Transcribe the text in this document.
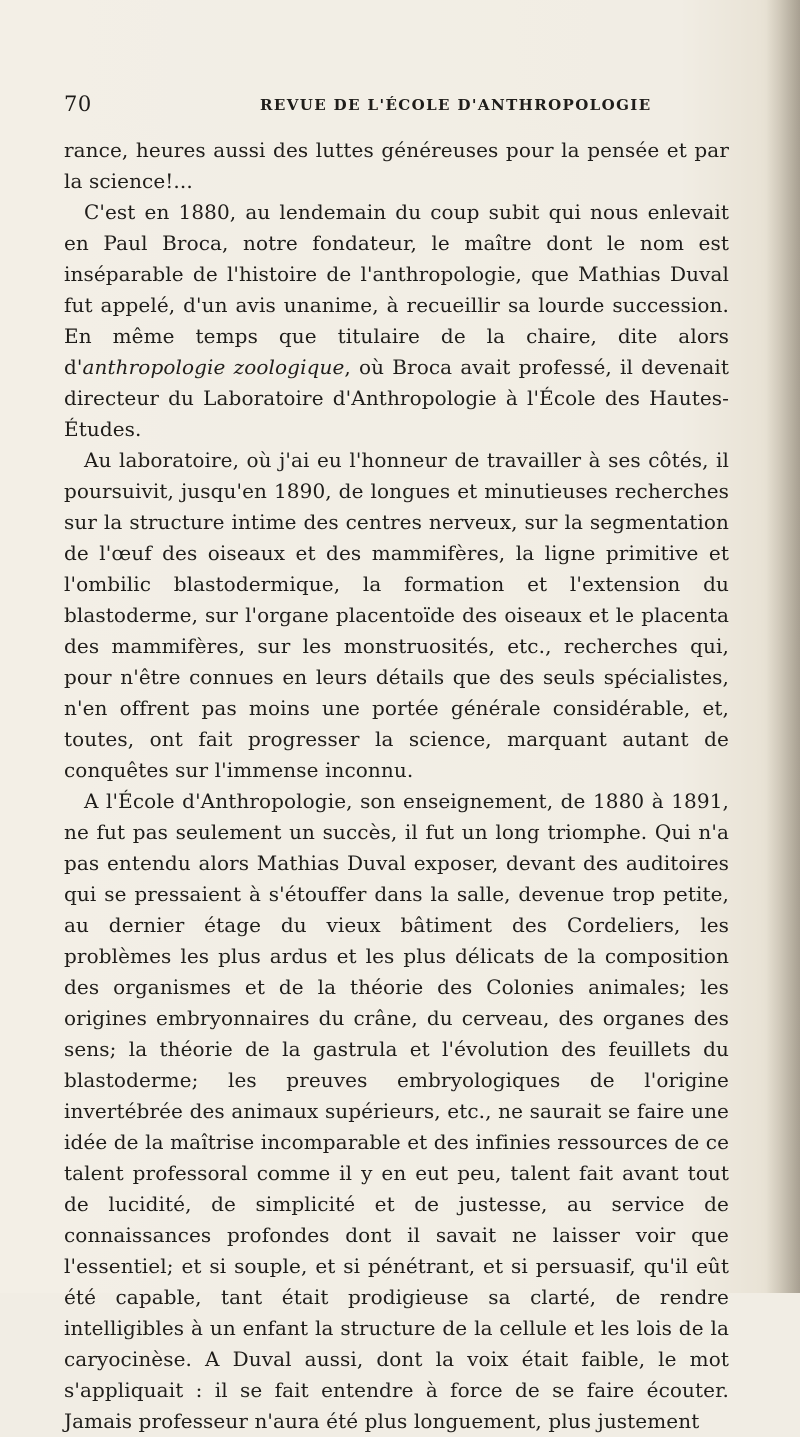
70	REVUE DE L'ÉCOLE D'ANTHROPOLOGIE

rance, heures aussi des luttes généreuses pour la pensée et par la science!...

C'est en 1880, au lendemain du coup subit qui nous enlevait en Paul Broca, notre fondateur, le maître dont le nom est inséparable de l'histoire de l'anthropologie, que Mathias Duval fut appelé, d'un avis unanime, à recueillir sa lourde succession. En même temps que titulaire de la chaire, dite alors d'anthropologie zoologique, où Broca avait professé, il devenait directeur du Laboratoire d'Anthropologie à l'École des Hautes-Études.

Au laboratoire, où j'ai eu l'honneur de travailler à ses côtés, il poursuivit, jusqu'en 1890, de longues et minutieuses recherches sur la structure intime des centres nerveux, sur la segmentation de l'œuf des oiseaux et des mammifères, la ligne primitive et l'ombilic blastodermique, la formation et l'extension du blastoderme, sur l'organe placentoïde des oiseaux et le placenta des mammifères, sur les monstruosités, etc., recherches qui, pour n'être connues en leurs détails que des seuls spécialistes, n'en offrent pas moins une portée générale considérable, et, toutes, ont fait progresser la science, marquant autant de conquêtes sur l'immense inconnu.

A l'École d'Anthropologie, son enseignement, de 1880 à 1891, ne fut pas seulement un succès, il fut un long triomphe. Qui n'a pas entendu alors Mathias Duval exposer, devant des auditoires qui se pressaient à s'étouffer dans la salle, devenue trop petite, au dernier étage du vieux bâtiment des Cordeliers, les problèmes les plus ardus et les plus délicats de la composition des organismes et de la théorie des Colonies animales; les origines embryonnaires du crâne, du cerveau, des organes des sens; la théorie de la gastrula et l'évolution des feuillets du blastoderme; les preuves embryologiques de l'origine invertébrée des animaux supérieurs, etc., ne saurait se faire une idée de la maîtrise incomparable et des infinies ressources de ce talent professoral comme il y en eut peu, talent fait avant tout de lucidité, de simplicité et de justesse, au service de connaissances profondes dont il savait ne laisser voir que l'essentiel; et si souple, et si pénétrant, et si persuasif, qu'il eût été capable, tant était prodigieuse sa clarté, de rendre intelligibles à un enfant la structure de la cellule et les lois de la caryocinèse. A Duval aussi, dont la voix était faible, le mot s'appliquait : il se fait entendre à force de se faire écouter. Jamais professeur n'aura été plus longuement, plus justement
